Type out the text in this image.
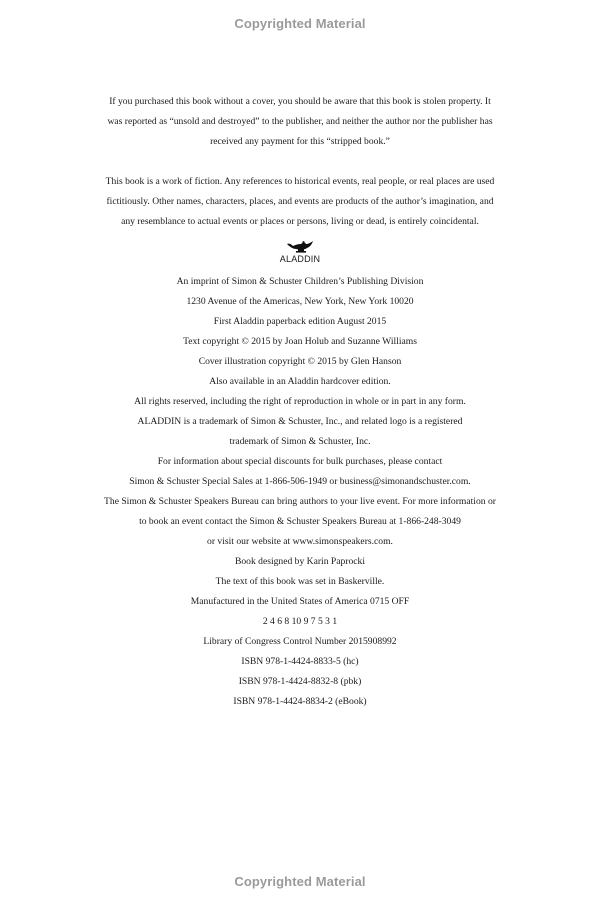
Copyrighted Material
If you purchased this book without a cover, you should be aware that this book is stolen property. It
was reported as “unsold and destroyed” to the publisher, and neither the author nor the publisher has
received any payment for this “stripped book.”
This book is a work of fiction. Any references to historical events, real people, or real places are used
fictitiously. Other names, characters, places, and events are products of the author’s imagination, and
any resemblance to actual events or places or persons, living or dead, is entirely coincidental.
ALADDIN
An imprint of Simon & Schuster Children’s Publishing Division
1230 Avenue of the Americas, New York, New York 10020
First Aladdin paperback edition August 2015
Text copyright © 2015 by Joan Holub and Suzanne Williams
Cover illustration copyright © 2015 by Glen Hanson
Also available in an Aladdin hardcover edition.
All rights reserved, including the right of reproduction in whole or in part in any form.
ALADDIN is a trademark of Simon & Schuster, Inc., and related logo is a registered
trademark of Simon & Schuster, Inc.
For information about special discounts for bulk purchases, please contact
Simon & Schuster Special Sales at 1-866-506-1949 or business@simonandschuster.com.
The Simon & Schuster Speakers Bureau can bring authors to your live event. For more information or
to book an event contact the Simon & Schuster Speakers Bureau at 1-866-248-3049
or visit our website at www.simonspeakers.com.
Book designed by Karin Paprocki
The text of this book was set in Baskerville.
Manufactured in the United States of America 0715 OFF
2 4 6 8 10 9 7 5 3 1
Library of Congress Control Number 2015908992
ISBN 978-1-4424-8833-5 (hc)
ISBN 978-1-4424-8832-8 (pbk)
ISBN 978-1-4424-8834-2 (eBook)
Copyrighted Material
